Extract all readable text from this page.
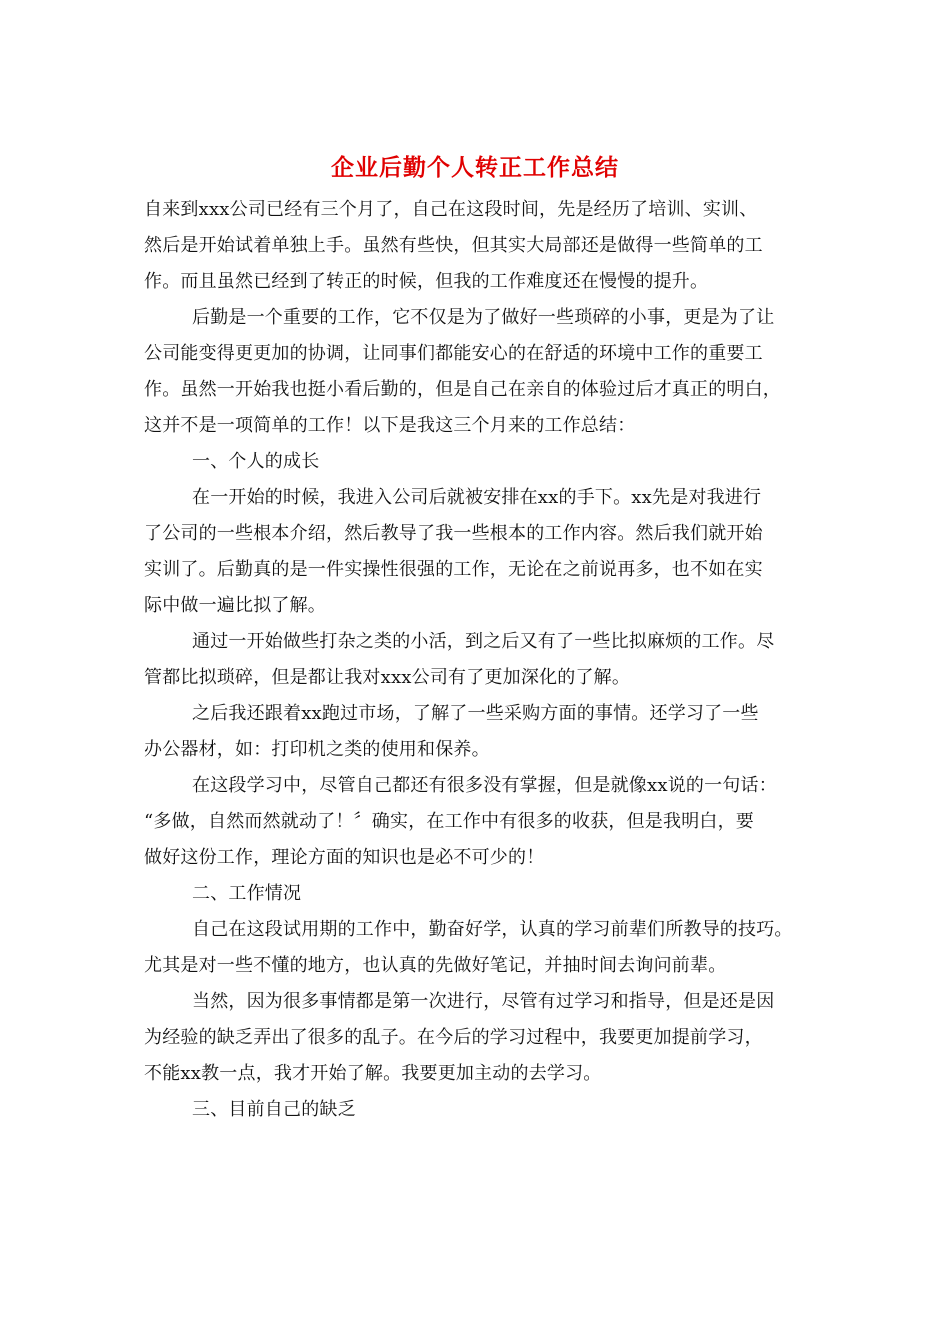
企业后勤个人转正工作总结
自来到xxx公司已经有三个月了，自己在这段时间，先是经历了培训、实训、
然后是开始试着单独上手。虽然有些快，但其实大局部还是做得一些简单的工
作。而且虽然已经到了转正的时候，但我的工作难度还在慢慢的提升。
后勤是一个重要的工作，它不仅是为了做好一些琐碎的小事，更是为了让
公司能变得更更加的协调，让同事们都能安心的在舒适的环境中工作的重要工
作。虽然一开始我也挺小看后勤的，但是自己在亲自的体验过后才真正的明白，
这并不是一项简单的工作！以下是我这三个月来的工作总结：
一、个人的成长
在一开始的时候，我进入公司后就被安排在xx的手下。xx先是对我进行
了公司的一些根本介绍，然后教导了我一些根本的工作内容。然后我们就开始
实训了。后勤真的是一件实操性很强的工作，无论在之前说再多，也不如在实
际中做一遍比拟了解。
通过一开始做些打杂之类的小活，到之后又有了一些比拟麻烦的工作。尽
管都比拟琐碎，但是都让我对xxx公司有了更加深化的了解。
之后我还跟着xx跑过市场，了解了一些采购方面的事情。还学习了一些
办公器材，如：打印机之类的使用和保养。
在这段学习中，尽管自己都还有很多没有掌握，但是就像xx说的一句话：
“多做，自然而然就动了！〞确实，在工作中有很多的收获，但是我明白，要
做好这份工作，理论方面的知识也是必不可少的！
二、工作情况
自己在这段试用期的工作中，勤奋好学，认真的学习前辈们所教导的技巧。
尤其是对一些不懂的地方，也认真的先做好笔记，并抽时间去询问前辈。
当然，因为很多事情都是第一次进行，尽管有过学习和指导，但是还是因
为经验的缺乏弄出了很多的乱子。在今后的学习过程中，我要更加提前学习，
不能xx教一点，我才开始了解。我要更加主动的去学习。
三、目前自己的缺乏
